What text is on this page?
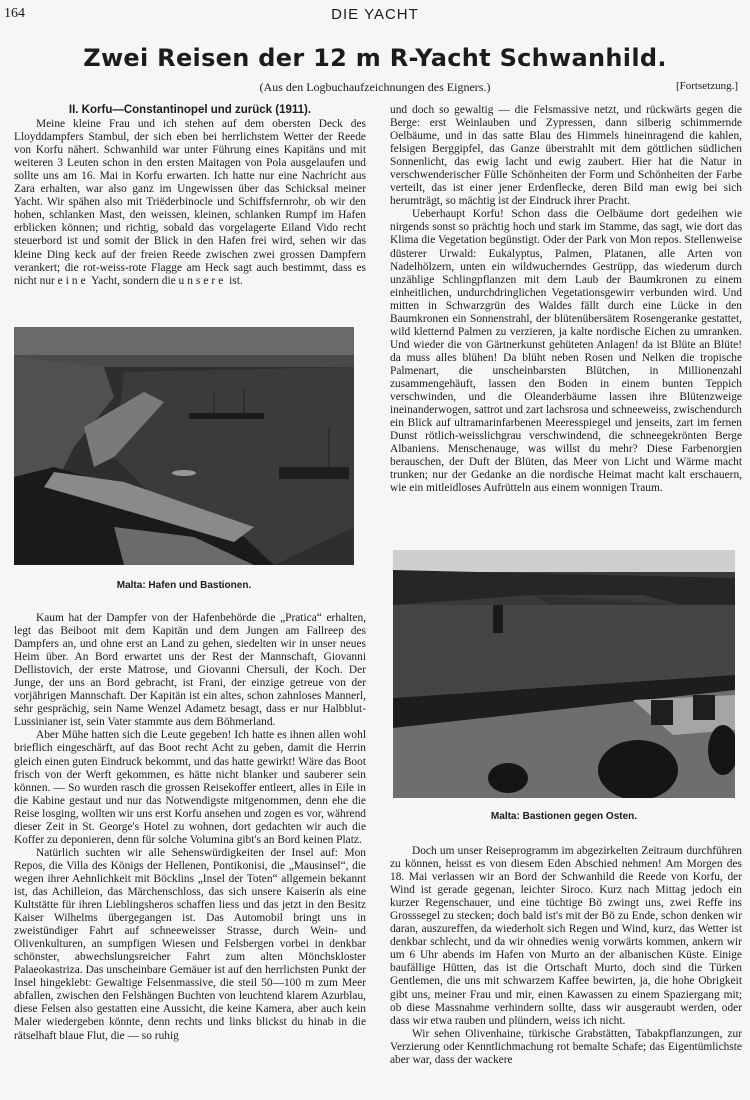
164	DIE YACHT
Zwei Reisen der 12 m R-Yacht Schwanhild.
(Aus den Logbuchaufzeichnungen des Eigners.)	[Fortsetzung.]
II. Korfu—Constantinopel und zurück (1911).

Meine kleine Frau und ich stehen auf dem obersten Deck des Lloyddampfers Stambul, der sich eben bei herrlichstem Wetter der Reede von Korfu nähert. Schwanhild war unter Führung eines Kapitäns und mit weiteren 3 Leuten schon in den ersten Maitagen von Pola ausgelaufen und sollte uns am 16. Mai in Korfu erwarten. Ich hatte nur eine Nachricht aus Zara erhalten, war also ganz im Ungewissen über das Schicksal meiner Yacht. Wir spähen also mit Triëderbinocle und Schiffsfernrohr, ob wir den hohen, schlanken Mast, den weissen, kleinen, schlanken Rumpf im Hafen erblicken können; und richtig, sobald das vorgelagerte Eiland Vido recht steuerbord ist und somit der Blick in den Hafen frei wird, sehen wir das kleine Ding keck auf der freien Reede zwischen zwei grossen Dampfern verankert; die rot-weiss-rote Flagge am Heck sagt auch bestimmt, dass es nicht nur eine Yacht, sondern die unsere ist.

Malta: Hafen und Bastionen.

Kaum hat der Dampfer von der Hafenbehörde die „Pratica“ erhalten, legt das Beiboot mit dem Kapitän und dem Jungen am Fallreep des Dampfers an, und ohne erst an Land zu gehen, siedelten wir in unser neues Heim über. An Bord erwartet uns der Rest der Mannschaft, Giovanni Dellistovich, der erste Matrose, und Giovanni Chersuli, der Koch. Der Junge, der uns an Bord gebracht, ist Frani, der einzige getreue von der vorjährigen Mannschaft. Der Kapitän ist ein altes, schon zahnloses Mannerl, sehr gesprächig, sein Name Wenzel Adametz besagt, dass er nur Halbblut-Lussinianer ist, sein Vater stammte aus dem Böhmerland.

Aber Mühe hatten sich die Leute gegeben! Ich hatte es ihnen allen wohl brieflich eingeschärft, auf das Boot recht Acht zu geben, damit die Herrin gleich einen guten Eindruck bekommt, und das hatte gewirkt! Wäre das Boot frisch von der Werft gekommen, es hätte nicht blanker und sauberer sein können. — So wurden rasch die grossen Reisekoffer entleert, alles in Eile in die Kabine gestaut und nur das Notwendigste mitgenommen, denn ehe die Reise losging, wollten wir uns erst Korfu ansehen und zogen es vor, während dieser Zeit in St. George's Hotel zu wohnen, dort gedachten wir auch die Koffer zu deponieren, denn für solche Volumina gibt's an Bord keinen Platz.

Natürlich suchten wir alle Sehenswürdigkeiten der Insel auf: Mon Repos, die Villa des Königs der Hellenen, Pontikonisi, die „Mausinsel“, die wegen ihrer Aehnlichkeit mit Böcklins „Insel der Toten“ allgemein bekannt ist, das Achilleion, das Märchenschloss, das sich unsere Kaiserin als eine Kultstätte für ihren Lieblingsheros schaffen liess und das jetzt in den Besitz Kaiser Wilhelms übergegangen ist. Das Automobil bringt uns in zweistündiger Fahrt auf schneeweisser Strasse, durch Wein- und Olivenkulturen, an sumpfigen Wiesen und Felsbergen vorbei in denkbar schönster, abwechslungsreicher Fahrt zum alten Mönchskloster Palaeokastriza. Das unscheinbare Gemäuer ist auf den herrlichsten Punkt der Insel hingeklebt: Gewaltige Felsenmassive, die steil 50—100 m zum Meer abfallen, zwischen den Felshängen Buchten von leuchtend klarem Azurblau, diese Felsen also gestatten eine Aussicht, die keine Kamera, aber auch kein Maler wiedergeben könnte, denn rechts und links blickst du hinab in die rätselhaft blaue Flut, die — so ruhig

und doch so gewaltig — die Felsmassive netzt, und rückwärts gegen die Berge: erst Weinlauben und Zypressen, dann silberig schimmernde Oelbäume, und in das satte Blau des Himmels hineinragend die kahlen, felsigen Berggipfel, das Ganze überstrahlt mit dem göttlichen südlichen Sonnenlicht, das ewig lacht und ewig zaubert. Hier hat die Natur in verschwenderischer Fülle Schönheiten der Form und Schönheiten der Farbe verteilt, das ist einer jener Erdenflecke, deren Bild man ewig bei sich herumträgt, so mächtig ist der Eindruck ihrer Pracht.

Ueberhaupt Korfu! Schon dass die Oelbäume dort gedeihen wie nirgends sonst so prächtig hoch und stark im Stamme, das sagt, wie dort das Klima die Vegetation begünstigt. Oder der Park von Mon repos. Stellenweise düsterer Urwald: Eukalyptus, Palmen, Platanen, alle Arten von Nadelhölzern, unten ein wildwucherndes Gestrüpp, das wiederum durch unzählige Schlingpflanzen mit dem Laub der Baumkronen zu einem einheitlichen, undurchdringlichen Vegetationsgewirr verbunden wird. Und mitten in Schwarzgrün des Waldes fällt durch eine Lücke in den Baumkronen ein Sonnenstrahl, der blütenübersätem Rosengeranke gestattet, wild kletternd Palmen zu verzieren, ja kalte nordische Eichen zu umranken. Und wieder die von Gärtnerkunst gehüteten Anlagen! da ist Blüte an Blüte! da muss alles blühen! Da blüht neben Rosen und Nelken die tropische Palmenart, die unscheinbarsten Blütchen, in Millionenzahl zusammengehäuft, lassen den Boden in einem bunten Teppich verschwinden, und die Oleanderbäume lassen ihre Blütenzweige ineinanderwogen, sattrot und zart lachsrosa und schneeweiss, zwischendurch ein Blick auf ultramarinfarbenen Meeresspiegel und jenseits, zart im fernen Dunst rötlich-weisslichgrau verschwindend, die schneegekrönten Berge Albaniens. Menschenauge, was willst du mehr? Diese Farbenorgien berauschen, der Duft der Blüten, das Meer von Licht und Wärme macht trunken; nur der Gedanke an die nordische Heimat macht kalt erschauern, wie ein mitleidloses Aufrütteln aus einem wonnigen Traum.

Malta: Bastionen gegen Osten.

Doch um unser Reiseprogramm im abgezirkelten Zeitraum durchführen zu können, heisst es von diesem Eden Abschied nehmen! Am Morgen des 18. Mai verlassen wir an Bord der Schwanhild die Reede von Korfu, der Wind ist gerade gegenan, leichter Siroco. Kurz nach Mittag jedoch ein kurzer Regenschauer, und eine tüchtige Bö zwingt uns, zwei Reffe ins Grosssegel zu stecken; doch bald ist's mit der Bö zu Ende, schon denken wir daran, auszureffen, da wiederholt sich Regen und Wind, kurz, das Wetter ist denkbar schlecht, und da wir ohnedies wenig vorwärts kommen, ankern wir um 6 Uhr abends im Hafen von Murto an der albanischen Küste. Einige baufällige Hütten, das ist die Ortschaft Murto, doch sind die Türken Gentlemen, die uns mit schwarzem Kaffee bewirten, ja, die hohe Obrigkeit gibt uns, meiner Frau und mir, einen Kawassen zu einem Spaziergang mit; ob diese Massnahme verhindern sollte, dass wir ausgeraubt werden, oder dass wir etwa rauben und plündern, weiss ich nicht.

Wir sehen Olivenhaine, türkische Grabstätten, Tabakpflanzungen, zur Verzierung oder Kenntlichmachung rot bemalte Schafe; das Eigentümlichste aber war, dass der wackere
